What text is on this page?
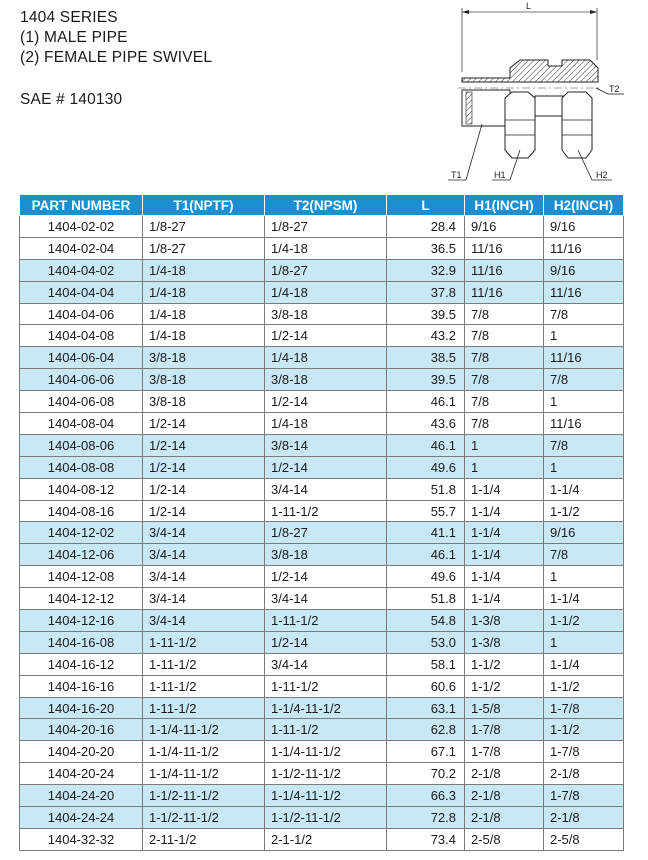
1404 SERIES
(1) MALE PIPE
(2) FEMALE PIPE SWIVEL
SAE # 140130
L
T2
T1	H1	H2
PART NUMBER	T1(NPTF)	T2(NPSM)	L	H1(INCH)	H2(INCH)
1404-02-02	1/8-27	1/8-27	28.4	9/16	9/16
1404-02-04	1/8-27	1/4-18	36.5	11/16	11/16
1404-04-02	1/4-18	1/8-27	32.9	11/16	9/16
1404-04-04	1/4-18	1/4-18	37.8	11/16	11/16
1404-04-06	1/4-18	3/8-18	39.5	7/8	7/8
1404-04-08	1/4-18	1/2-14	43.2	7/8	1
1404-06-04	3/8-18	1/4-18	38.5	7/8	11/16
1404-06-06	3/8-18	3/8-18	39.5	7/8	7/8
1404-06-08	3/8-18	1/2-14	46.1	7/8	1
1404-08-04	1/2-14	1/4-18	43.6	7/8	11/16
1404-08-06	1/2-14	3/8-14	46.1	1	7/8
1404-08-08	1/2-14	1/2-14	49.6	1	1
1404-08-12	1/2-14	3/4-14	51.8	1-1/4	1-1/4
1404-08-16	1/2-14	1-11-1/2	55.7	1-1/4	1-1/2
1404-12-02	3/4-14	1/8-27	41.1	1-1/4	9/16
1404-12-06	3/4-14	3/8-18	46.1	1-1/4	7/8
1404-12-08	3/4-14	1/2-14	49.6	1-1/4	1
1404-12-12	3/4-14	3/4-14	51.8	1-1/4	1-1/4
1404-12-16	3/4-14	1-11-1/2	54.8	1-3/8	1-1/2
1404-16-08	1-11-1/2	1/2-14	53.0	1-3/8	1
1404-16-12	1-11-1/2	3/4-14	58.1	1-1/2	1-1/4
1404-16-16	1-11-1/2	1-11-1/2	60.6	1-1/2	1-1/2
1404-16-20	1-11-1/2	1-1/4-11-1/2	63.1	1-5/8	1-7/8
1404-20-16	1-1/4-11-1/2	1-11-1/2	62.8	1-7/8	1-1/2
1404-20-20	1-1/4-11-1/2	1-1/4-11-1/2	67.1	1-7/8	1-7/8
1404-20-24	1-1/4-11-1/2	1-1/2-11-1/2	70.2	2-1/8	2-1/8
1404-24-20	1-1/2-11-1/2	1-1/4-11-1/2	66.3	2-1/8	1-7/8
1404-24-24	1-1/2-11-1/2	1-1/2-11-1/2	72.8	2-1/8	2-1/8
1404-32-32	2-11-1/2	2-1-1/2	73.4	2-5/8	2-5/8
